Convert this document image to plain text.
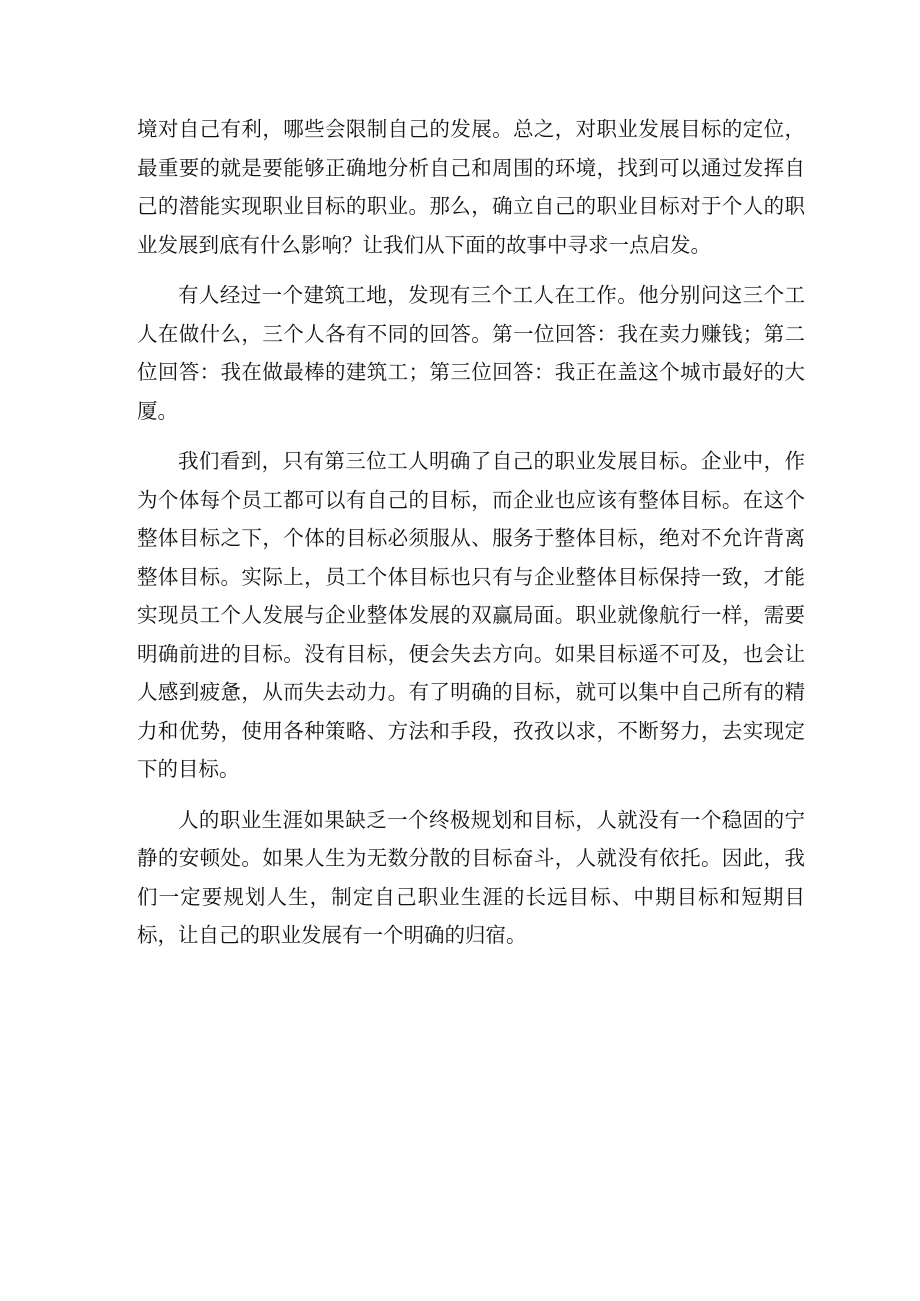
境对自己有利，哪些会限制自己的发展。总之，对职业发展目标的定位，最重要的就是要能够正确地分析自己和周围的环境，找到可以通过发挥自己的潜能实现职业目标的职业。那么，确立自己的职业目标对于个人的职业发展到底有什么影响？让我们从下面的故事中寻求一点启发。

有人经过一个建筑工地，发现有三个工人在工作。他分别问这三个工人在做什么，三个人各有不同的回答。第一位回答：我在卖力赚钱；第二位回答：我在做最棒的建筑工；第三位回答：我正在盖这个城市最好的大厦。

我们看到，只有第三位工人明确了自己的职业发展目标。企业中，作为个体每个员工都可以有自己的目标，而企业也应该有整体目标。在这个整体目标之下，个体的目标必须服从、服务于整体目标，绝对不允许背离整体目标。实际上，员工个体目标也只有与企业整体目标保持一致，才能实现员工个人发展与企业整体发展的双赢局面。职业就像航行一样，需要明确前进的目标。没有目标，便会失去方向。如果目标遥不可及，也会让人感到疲惫，从而失去动力。有了明确的目标，就可以集中自己所有的精力和优势，使用各种策略、方法和手段，孜孜以求，不断努力，去实现定下的目标。

人的职业生涯如果缺乏一个终极规划和目标，人就没有一个稳固的宁静的安顿处。如果人生为无数分散的目标奋斗，人就没有依托。因此，我们一定要规划人生，制定自己职业生涯的长远目标、中期目标和短期目标，让自己的职业发展有一个明确的归宿。
